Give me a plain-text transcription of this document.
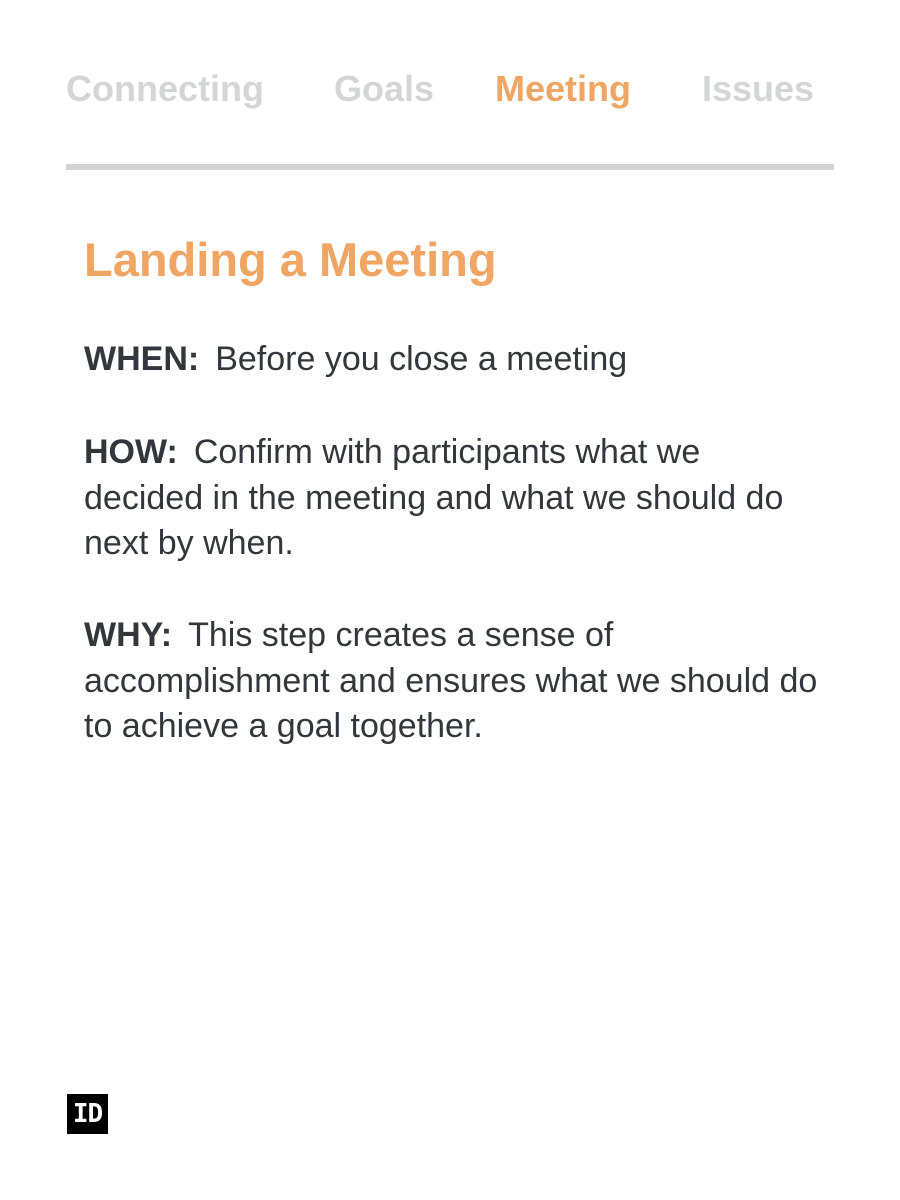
Connecting Goals Meeting Issues
Landing a Meeting

WHEN: Before you close a meeting

HOW: Confirm with participants what we decided in the meeting and what we should do next by when.

WHY: This step creates a sense of accomplishment and ensures what we should do to achieve a goal together.

ID
